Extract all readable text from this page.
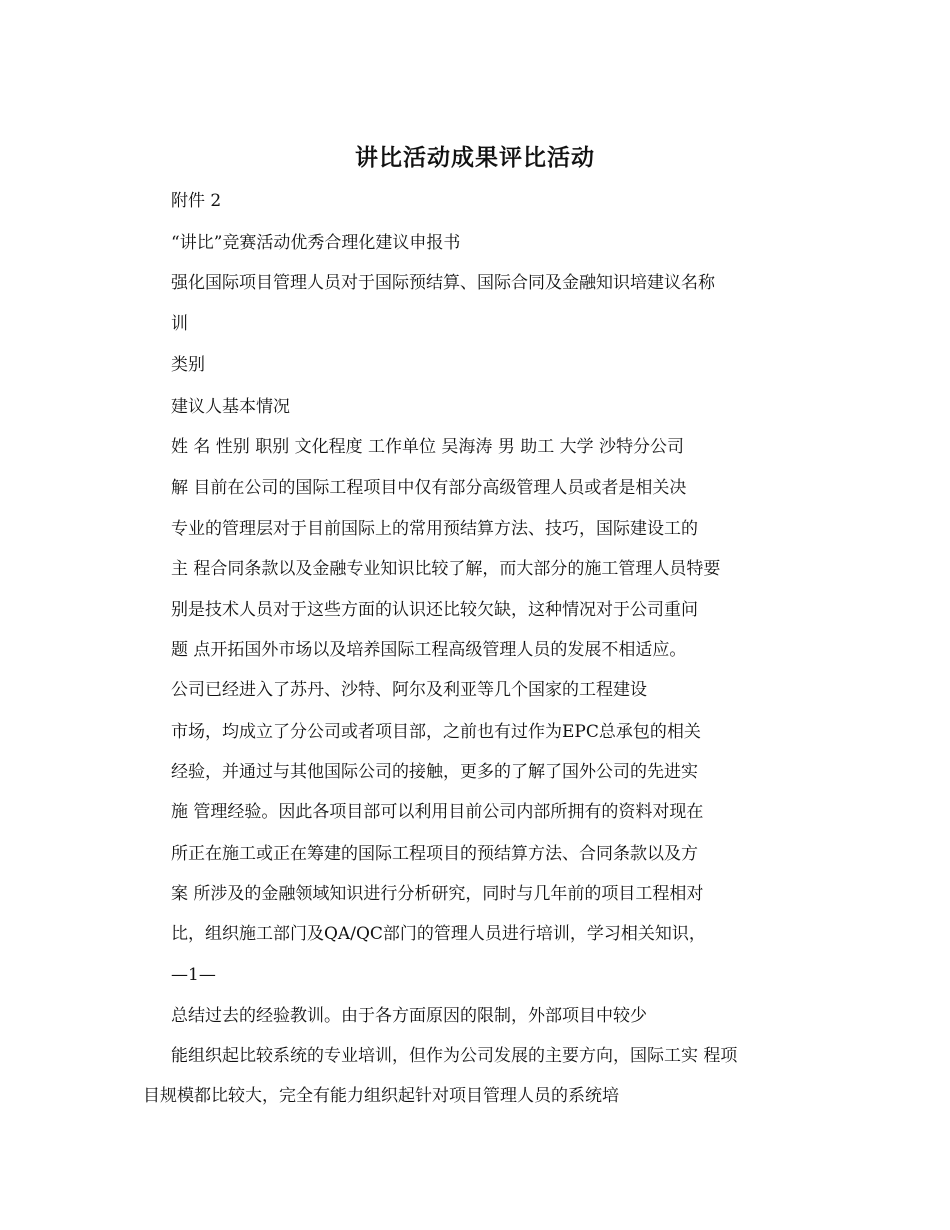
讲比活动成果评比活动

附件 2

“讲比”竞赛活动优秀合理化建议申报书

强化国际项目管理人员对于国际预结算、国际合同及金融知识培建议名称

训

类别

建议人基本情况

姓 名 性别 职别 文化程度 工作单位 吴海涛 男 助工 大学 沙特分公司

解 目前在公司的国际工程项目中仅有部分高级管理人员或者是相关决

专业的管理层对于目前国际上的常用预结算方法、技巧，国际建设工的

主 程合同条款以及金融专业知识比较了解，而大部分的施工管理人员特要

别是技术人员对于这些方面的认识还比较欠缺，这种情况对于公司重问

题 点开拓国外市场以及培养国际工程高级管理人员的发展不相适应。

公司已经进入了苏丹、沙特、阿尔及利亚等几个国家的工程建设

市场，均成立了分公司或者项目部，之前也有过作为EPC总承包的相关

经验，并通过与其他国际公司的接触，更多的了解了国外公司的先进实

施 管理经验。因此各项目部可以利用目前公司内部所拥有的资料对现在

所正在施工或正在筹建的国际工程项目的预结算方法、合同条款以及方

案 所涉及的金融领域知识进行分析研究，同时与几年前的项目工程相对

比，组织施工部门及QA/QC部门的管理人员进行培训，学习相关知识，

—1—

总结过去的经验教训。由于各方面原因的限制，外部项目中较少

能组织起比较系统的专业培训，但作为公司发展的主要方向，国际工实 程项

目规模都比较大，完全有能力组织起针对项目管理人员的系统培
